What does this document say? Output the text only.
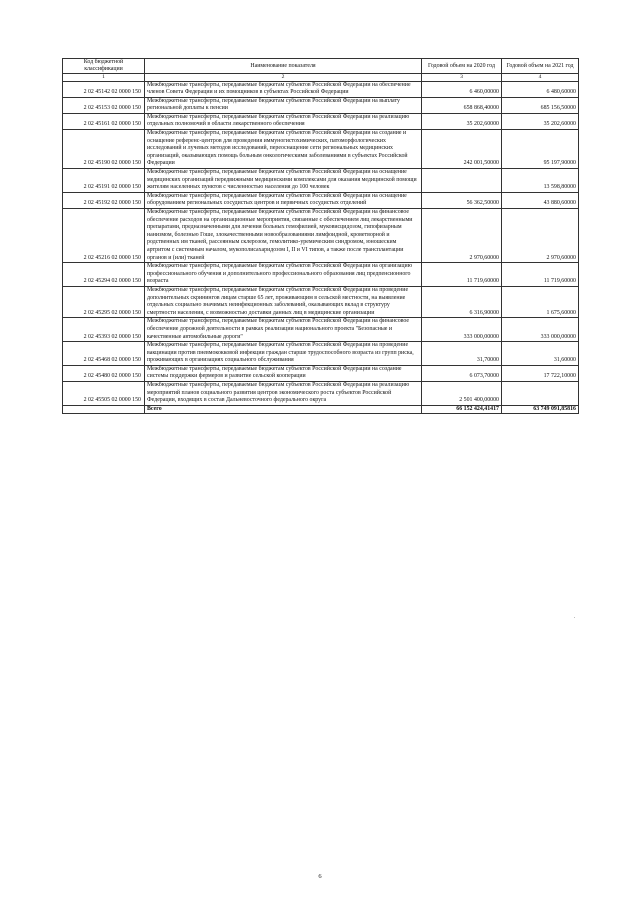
Код бюджетной классификации	Наименование показателя	Годовой объем на 2020 год	Годовой объем на 2021 год
1	2	3	4
2 02 45142 02 0000 150	Межбюджетные трансферты, передаваемые бюджетам субъектов Российской Федерации на обеспечение членов Совета Федерации и их помощников в субъектах Российской Федерации	6 460,00000	6 480,60000
2 02 45153 02 0000 150	Межбюджетные трансферты, передаваемые бюджетам субъектов Российской Федерации на выплату региональной доплаты к пенсии	658 868,40000	685 156,50000
2 02 45161 02 0000 150	Межбюджетные трансферты, передаваемые бюджетам субъектов Российской Федерации на реализацию отдельных полномочий в области лекарственного обеспечения	35 202,60000	35 202,60000
2 02 45190 02 0000 150	Межбюджетные трансферты, передаваемые бюджетам субъектов Российской Федерации на создание и оснащение референс-центров для проведения иммуногистохимических, патоморфологических исследований и лучевых методов исследований, переоснащение сети региональных медицинских организаций, оказывающих помощь больным онкологическими заболеваниями в субъектах Российской Федерации	242 001,50000	95 197,90000
2 02 45191 02 0000 150	Межбюджетные трансферты, передаваемые бюджетам субъектов Российской Федерации на оснащение медицинских организаций передвижными медицинскими комплексами для оказания медицинской помощи жителям населенных пунктов с численностью населения до 100 человек		13 598,80000
2 02 45192 02 0000 150	Межбюджетные трансферты, передаваемые бюджетам субъектов Российской Федерации на оснащение оборудованием региональных сосудистых центров и первичных сосудистых отделений	56 362,50000	43 880,60000
2 02 45216 02 0000 150	Межбюджетные трансферты, передаваемые бюджетам субъектов Российской Федерации на финансовое обеспечение расходов на организационные мероприятия, связанные с обеспечением лиц лекарственными препаратами, предназначенными для лечения больных гемофилией, муковисцидозом, гипофизарным нанизмом, болезнью Гоше, злокачественными новообразованиями лимфоидной, кроветворной и родственных им тканей, рассеянным склерозом, гемолитико-уремическим синдромом, юношеским артритом с системным началом, мукополисахаридозом I, II и VI типов, а также после трансплантации органов и (или) тканей	2 970,60000	2 970,60000
2 02 45294 02 0000 150	Межбюджетные трансферты, передаваемые бюджетам субъектов Российской Федерации на организацию профессионального обучения и дополнительного профессионального образования лиц предпенсионного возраста	11 719,60000	11 719,60000
2 02 45295 02 0000 150	Межбюджетные трансферты, передаваемые бюджетам субъектов Российской Федерации на проведение дополнительных скринингов лицам старше 65 лет, проживающим в сельской местности, на выявление отдельных социально значимых неинфекционных заболеваний, оказывающих вклад в структуру смертности населения, с возможностью доставки данных лиц в медицинские организации	6 316,90000	1 675,60000
2 02 45393 02 0000 150	Межбюджетные трансферты, передаваемые бюджетам субъектов Российской Федерации на финансовое обеспечение дорожной деятельности в рамках реализации национального проекта "Безопасные и качественные автомобильные дороги"	333 000,00000	333 000,00000
2 02 45468 02 0000 150	Межбюджетные трансферты, передаваемые бюджетам субъектов Российской Федерации на проведение вакцинации против пневмококковой инфекции граждан старше трудоспособного возраста из групп риска, проживающих в организациях социального обслуживания	31,70000	31,60000
2 02 45480 02 0000 150	Межбюджетные трансферты, передаваемые бюджетам субъектов Российской Федерации на создание системы поддержки фермеров и развитие сельской кооперации	6 073,70000	17 722,10000
2 02 45505 02 0000 150	Межбюджетные трансферты, передаваемые бюджетам субъектов Российской Федерации на реализацию мероприятий планов социального развития центров экономического роста субъектов Российской Федерации, входящих в состав Дальневосточного федерального округа	2 501 400,00000	
	Всего	66 152 424,41417	63 749 091,85816
.
6
